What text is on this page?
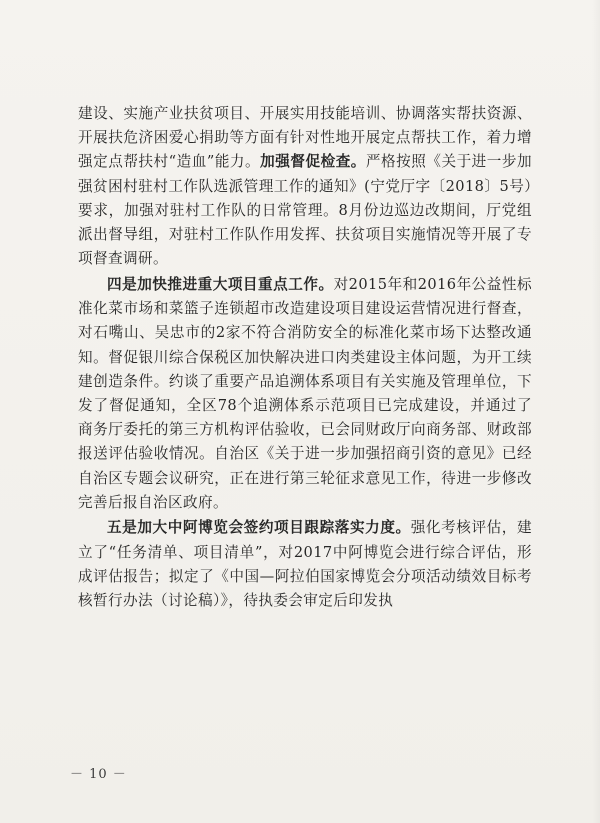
建设、实施产业扶贫项目、开展实用技能培训、协调落实帮扶资源、开展扶危济困爱心捐助等方面有针对性地开展定点帮扶工作，着力增强定点帮扶村“造血”能力。加强督促检查。严格按照《关于进一步加强贫困村驻村工作队选派管理工作的通知》(宁党厅字〔2018〕5号）要求，加强对驻村工作队的日常管理。8月份边巡边改期间，厅党组派出督导组，对驻村工作队作用发挥、扶贫项目实施情况等开展了专项督查调研。

四是加快推进重大项目重点工作。对2015年和2016年公益性标准化菜市场和菜篮子连锁超市改造建设项目建设运营情况进行督查，对石嘴山、吴忠市的2家不符合消防安全的标准化菜市场下达整改通知。督促银川综合保税区加快解决进口肉类建设主体问题，为开工续建创造条件。约谈了重要产品追溯体系项目有关实施及管理单位，下发了督促通知，全区78个追溯体系示范项目已完成建设，并通过了商务厅委托的第三方机构评估验收，已会同财政厅向商务部、财政部报送评估验收情况。自治区《关于进一步加强招商引资的意见》已经自治区专题会议研究，正在进行第三轮征求意见工作，待进一步修改完善后报自治区政府。

五是加大中阿博览会签约项目跟踪落实力度。强化考核评估，建立了“任务清单、项目清单”，对2017中阿博览会进行综合评估，形成评估报告；拟定了《中国—阿拉伯国家博览会分项活动绩效目标考核暂行办法（讨论稿）》，待执委会审定后印发执

－ 10 －
